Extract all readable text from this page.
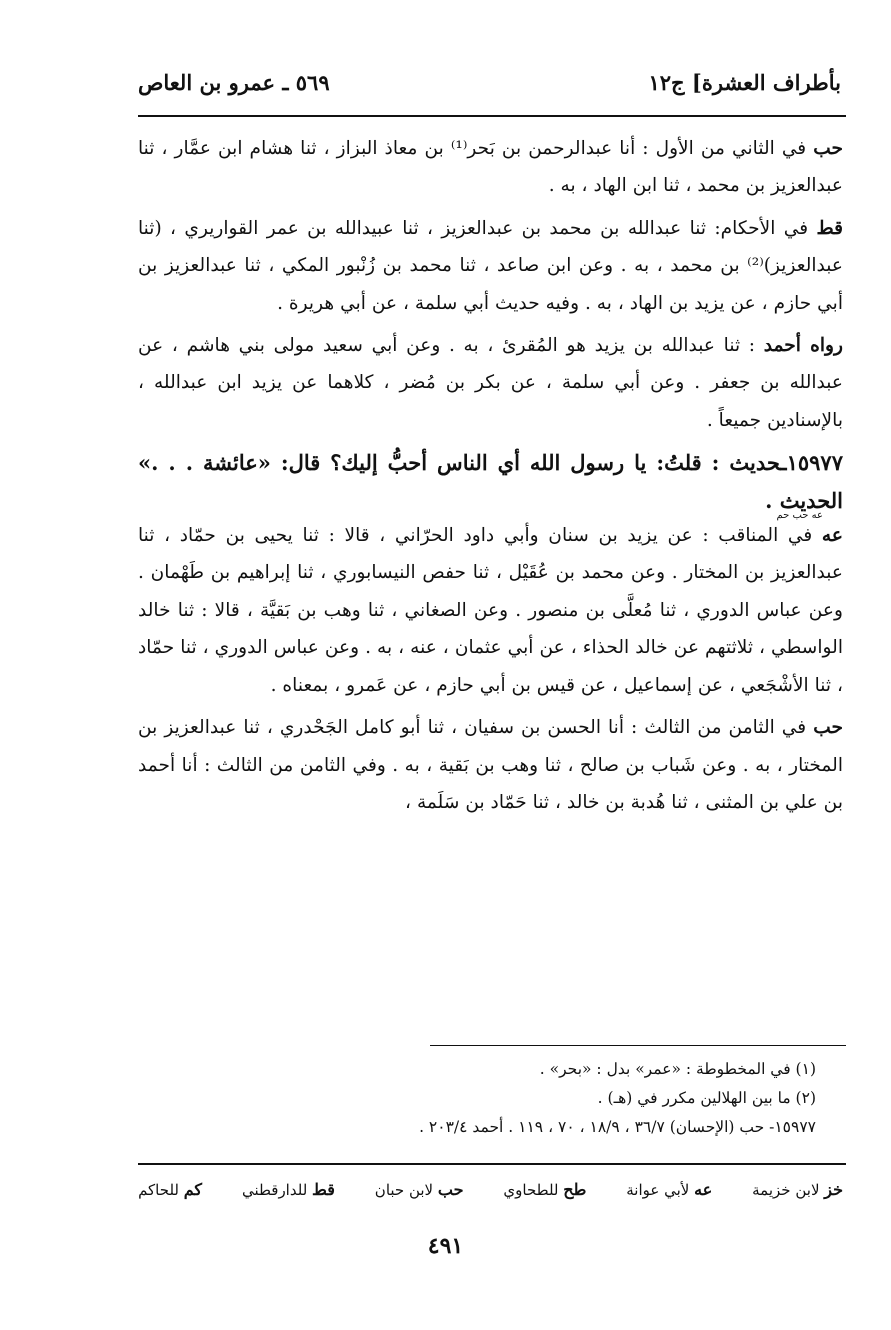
بأطراف العشرة] ج١٢
٥٦٩ ـ عمرو بن العاص

حب في الثاني من الأول : أنا عبدالرحمن بن بَحر⁽¹⁾ بن معاذ البزاز ، ثنا هشام ابن عمَّار ، ثنا عبدالعزيز بن محمد ، ثنا ابن الهاد ، به .

قط في الأحكام: ثنا عبدالله بن محمد بن عبدالعزيز ، ثنا عبيدالله بن عمر القواريري ، (ثنا عبدالعزيز)⁽²⁾ بن محمد ، به . وعن ابن صاعد ، ثنا محمد بن زُنْبور المكي ، ثنا عبدالعزيز بن أبي حازم ، عن يزيد بن الهاد ، به . وفيه حديث أبي سلمة ، عن أبي هريرة .

رواه أحمد : ثنا عبدالله بن يزيد هو المُقرئ ، به . وعن أبي سعيد مولى بني هاشم ، عن عبدالله بن جعفر . وعن أبي سلمة ، عن بكر بن مُضر ، كلاهما عن يزيد ابن عبدالله ، بالإسنادين جميعاً .

١٥٩٧٧ـحديث : قلتُ: يا رسول الله أي الناس أحبُّ إليك؟ قال: «عائشة . . .» الحديث .

عه حب حم

عه في المناقب : عن يزيد بن سنان وأبي داود الحرّاني ، قالا : ثنا يحيى بن حمّاد ، ثنا عبدالعزيز بن المختار . وعن محمد بن عُقَيْل ، ثنا حفص النيسابوري ، ثنا إبراهيم بن طَهْمان . وعن عباس الدوري ، ثنا مُعلَّى بن منصور . وعن الصغاني ، ثنا وهب بن بَقيَّة ، قالا : ثنا خالد الواسطي ، ثلاثتهم عن خالد الحذاء ، عن أبي عثمان ، عنه ، به . وعن عباس الدوري ، ثنا حمّاد ، ثنا الأشْجَعي ، عن إسماعيل ، عن قيس بن أبي حازم ، عن عَمرو ، بمعناه .

حب في الثامن من الثالث : أنا الحسن بن سفيان ، ثنا أبو كامل الجَحْدري ، ثنا عبدالعزيز بن المختار ، به . وعن شَباب بن صالح ، ثنا وهب بن بَقية ، به . وفي الثامن من الثالث : أنا أحمد بن علي بن المثنى ، ثنا هُدبة بن خالد ، ثنا حَمّاد بن سَلَمة ،

(١) في المخطوطة : «عمر» بدل : «بحر» .
(٢) ما بين الهلالين مكرر في (هـ) .
١٥٩٧٧- حب (الإحسان) ٣٦/٧ ، ١٨/٩ ، ٧٠ ، ١١٩ . أحمد ٢٠٣/٤ .
خز لابن خزيمة
عه لأبي عوانة
طح للطحاوي
حب لابن حبان
قط للدارقطني
كم للحاكم
٤٩١
